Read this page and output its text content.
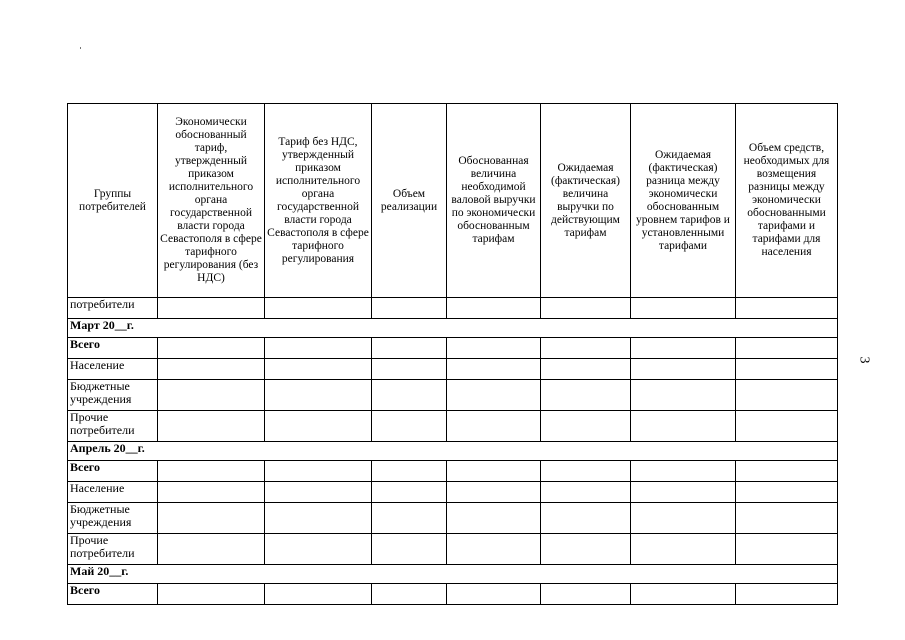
Группы потребителей	Экономически обоснованный тариф, утвержденный приказом исполнительного органа государственной власти города Севастополя в сфере тарифного регулирования (без НДС)	Тариф без НДС, утвержденный приказом исполнительного органа государственной власти города Севастополя в сфере тарифного регулирования	Объем реализации	Обоснованная величина необходимой валовой выручки по экономически обоснованным тарифам	Ожидаемая (фактическая) величина выручки по действующим тарифам	Ожидаемая (фактическая) разница между экономически обоснованным уровнем тарифов и установленными тарифами	Объем средств, необходимых для возмещения разницы между экономически обоснованными тарифами и тарифами для населения
потребители							
Март 20__г.							
Всего							
Население							
Бюджетные учреждения							
Прочие потребители							
Апрель 20__г.							
Всего							
Население							
Бюджетные учреждения							
Прочие потребители							
Май 20__г.							
Всего							
3
